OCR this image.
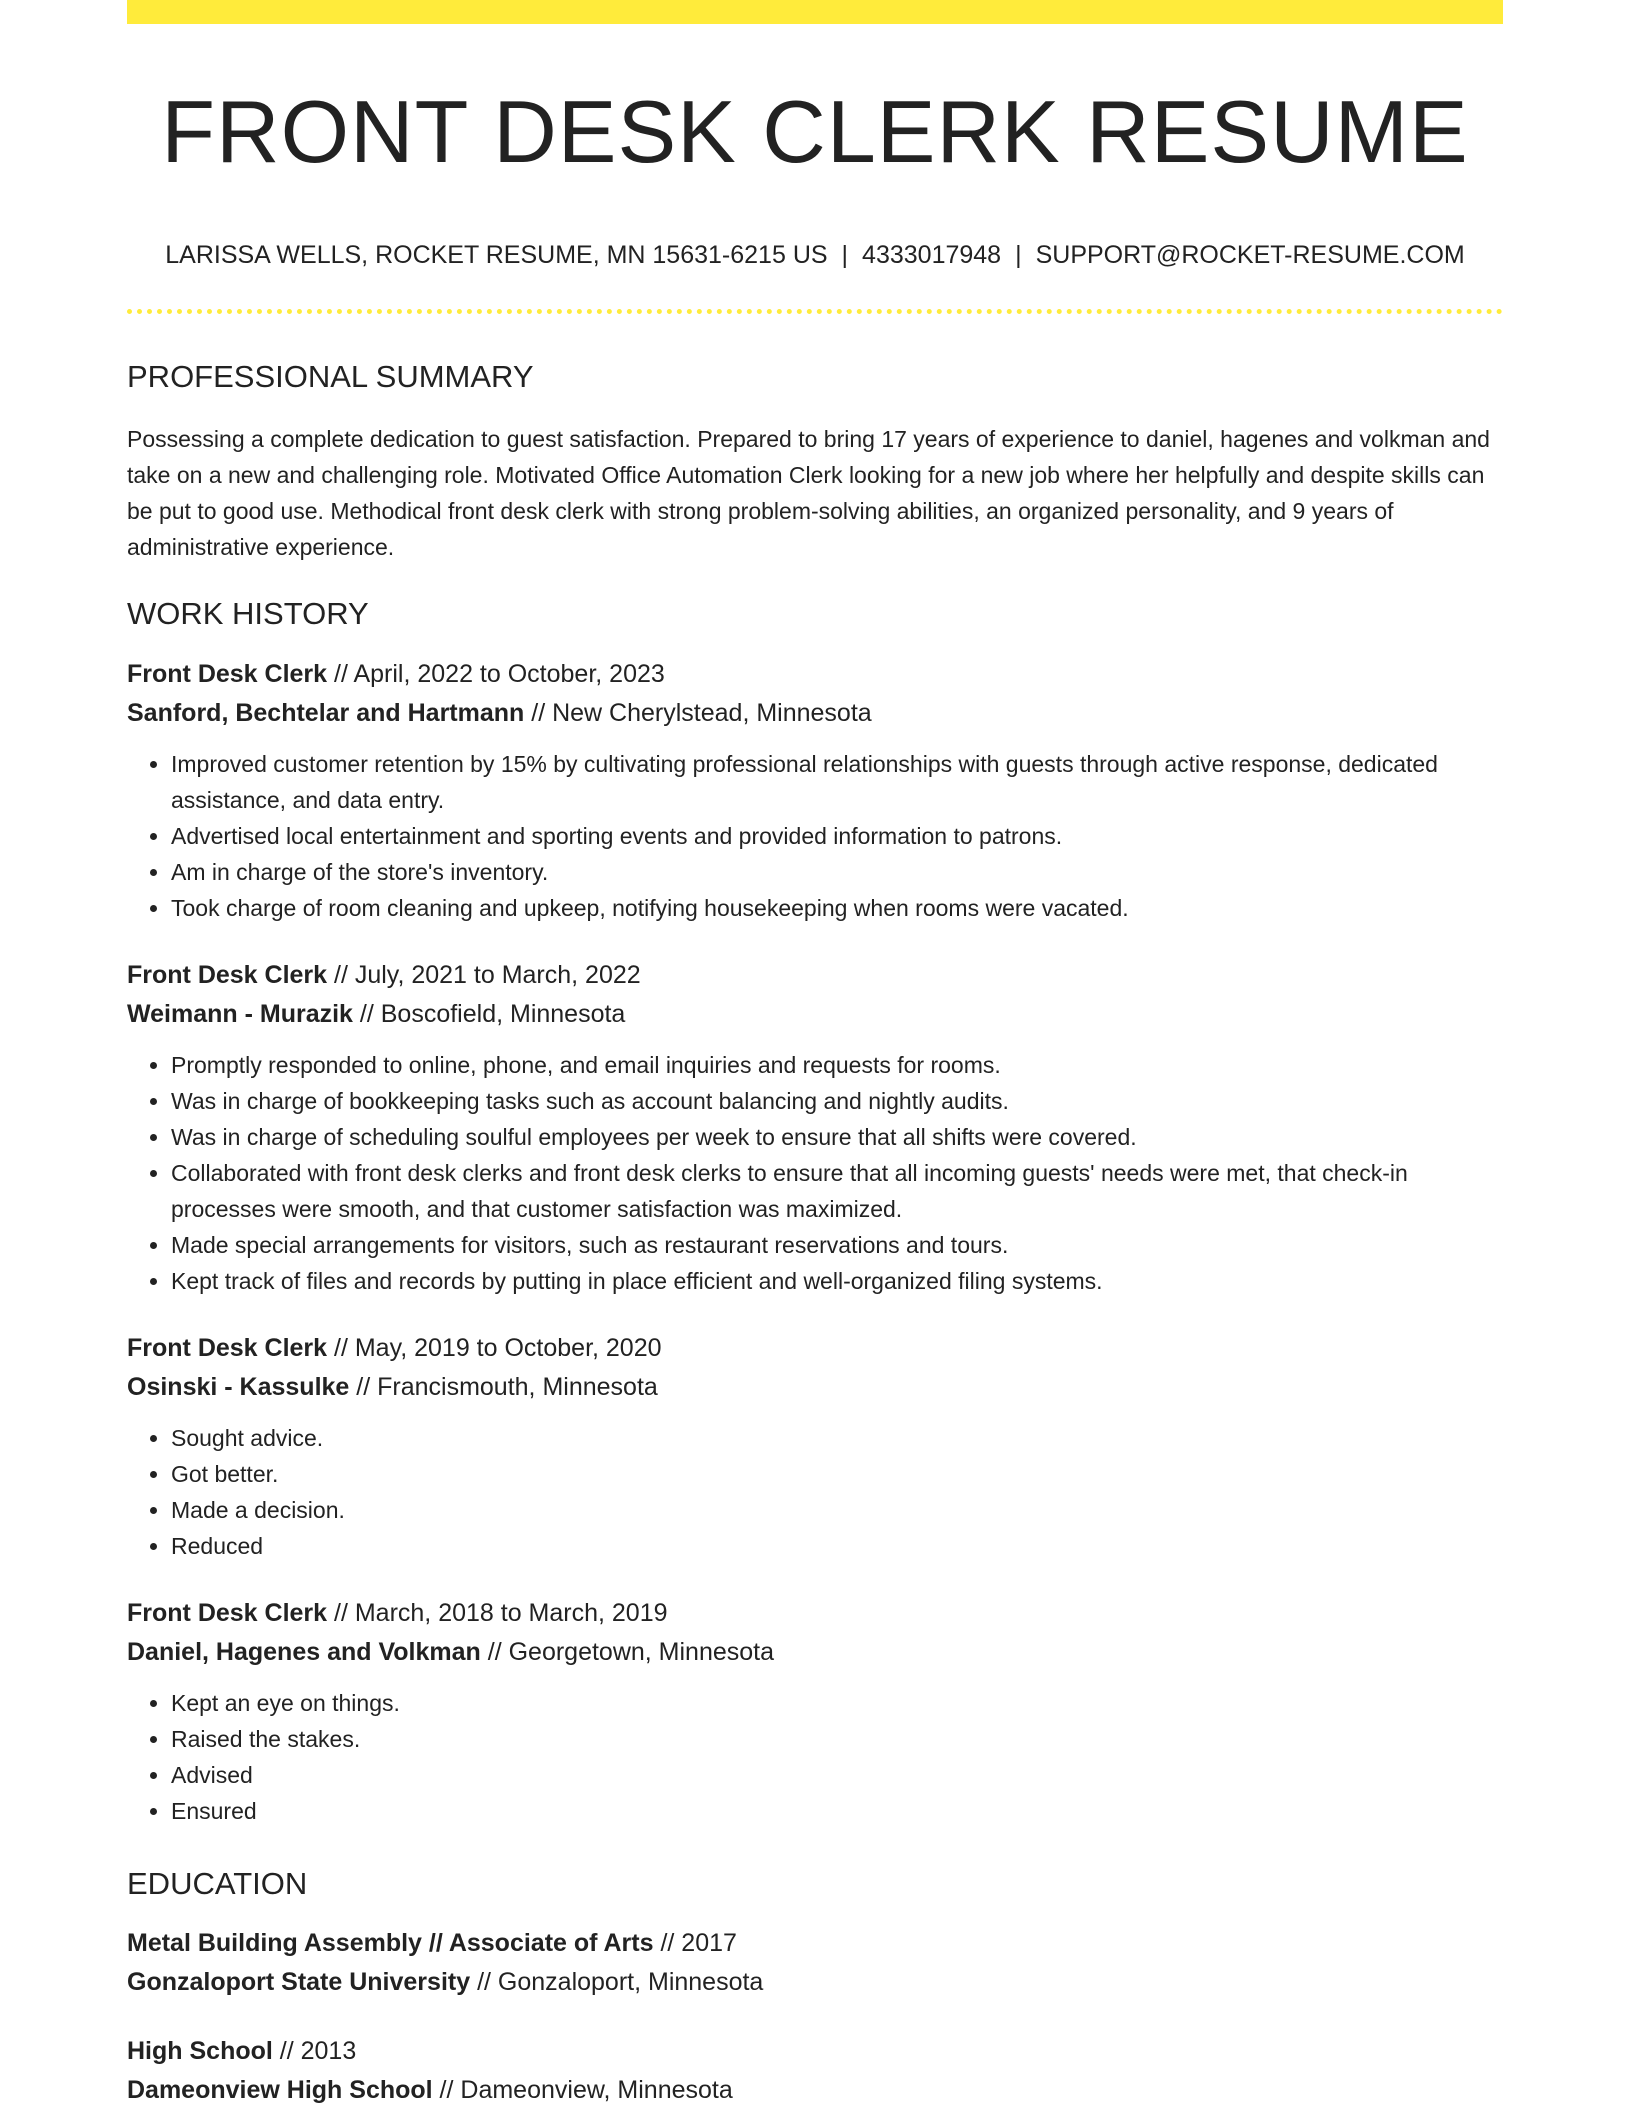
FRONT DESK CLERK RESUME
LARISSA WELLS, ROCKET RESUME, MN 15631-6215 US | 4333017948 | SUPPORT@ROCKET-RESUME.COM
PROFESSIONAL SUMMARY

Possessing a complete dedication to guest satisfaction. Prepared to bring 17 years of experience to daniel, hagenes and volkman and take on a new and challenging role. Motivated Office Automation Clerk looking for a new job where her helpfully and despite skills can be put to good use. Methodical front desk clerk with strong problem-solving abilities, an organized personality, and 9 years of administrative experience.

WORK HISTORY
Front Desk Clerk // April, 2022 to October, 2023
Sanford, Bechtelar and Hartmann // New Cherylstead, Minnesota
• Improved customer retention by 15% by cultivating professional relationships with guests through active response, dedicated assistance, and data entry.
• Advertised local entertainment and sporting events and provided information to patrons.
• Am in charge of the store's inventory.
• Took charge of room cleaning and upkeep, notifying housekeeping when rooms were vacated.
Front Desk Clerk // July, 2021 to March, 2022
Weimann - Murazik // Boscofield, Minnesota
• Promptly responded to online, phone, and email inquiries and requests for rooms.
• Was in charge of bookkeeping tasks such as account balancing and nightly audits.
• Was in charge of scheduling soulful employees per week to ensure that all shifts were covered.
• Collaborated with front desk clerks and front desk clerks to ensure that all incoming guests' needs were met, that check-in processes were smooth, and that customer satisfaction was maximized.
• Made special arrangements for visitors, such as restaurant reservations and tours.
• Kept track of files and records by putting in place efficient and well-organized filing systems.
Front Desk Clerk // May, 2019 to October, 2020
Osinski - Kassulke // Francismouth, Minnesota
• Sought advice.
• Got better.
• Made a decision.
• Reduced
Front Desk Clerk // March, 2018 to March, 2019
Daniel, Hagenes and Volkman // Georgetown, Minnesota
• Kept an eye on things.
• Raised the stakes.
• Advised
• Ensured
EDUCATION
Metal Building Assembly // Associate of Arts // 2017
Gonzaloport State University // Gonzaloport, Minnesota
High School // 2013
Dameonview High School // Dameonview, Minnesota
